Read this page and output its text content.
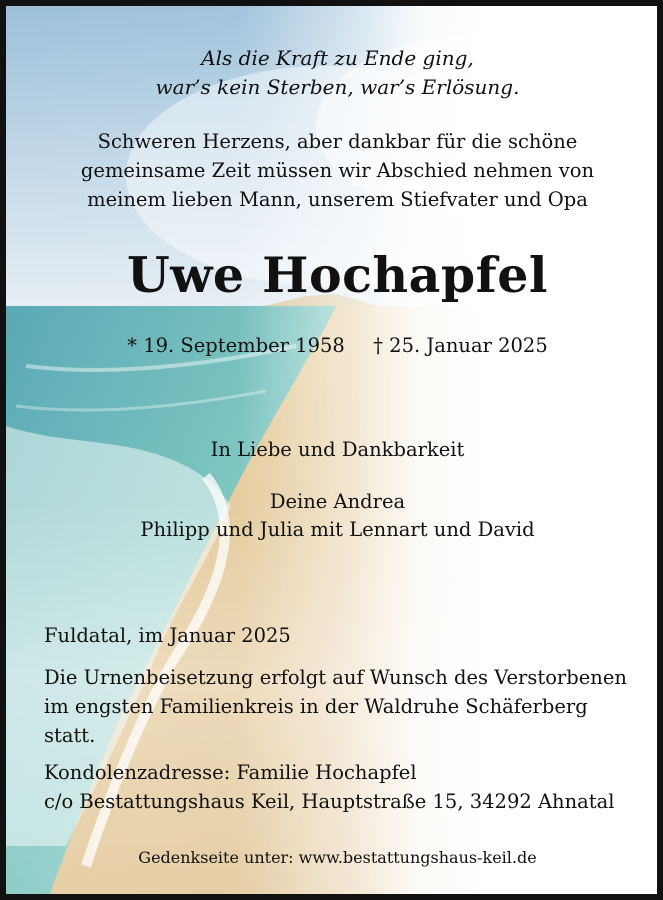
Als die Kraft zu Ende ging,
war’s kein Sterben, war’s Erlösung.
Schweren Herzens, aber dankbar für die schöne
gemeinsame Zeit müssen wir Abschied nehmen von
meinem lieben Mann, unserem Stiefvater und Opa
Uwe Hochapfel
* 19. September 1958 † 25. Januar 2025
In Liebe und Dankbarkeit
Deine Andrea
Philipp und Julia mit Lennart und David
Fuldatal, im Januar 2025
Die Urnenbeisetzung erfolgt auf Wunsch des Verstorbenen
im engsten Familienkreis in der Waldruhe Schäferberg
statt.
Kondolenzadresse: Familie Hochapfel
c/o Bestattungshaus Keil, Hauptstraße 15, 34292 Ahnatal
Gedenkseite unter: www.bestattungshaus-keil.de
